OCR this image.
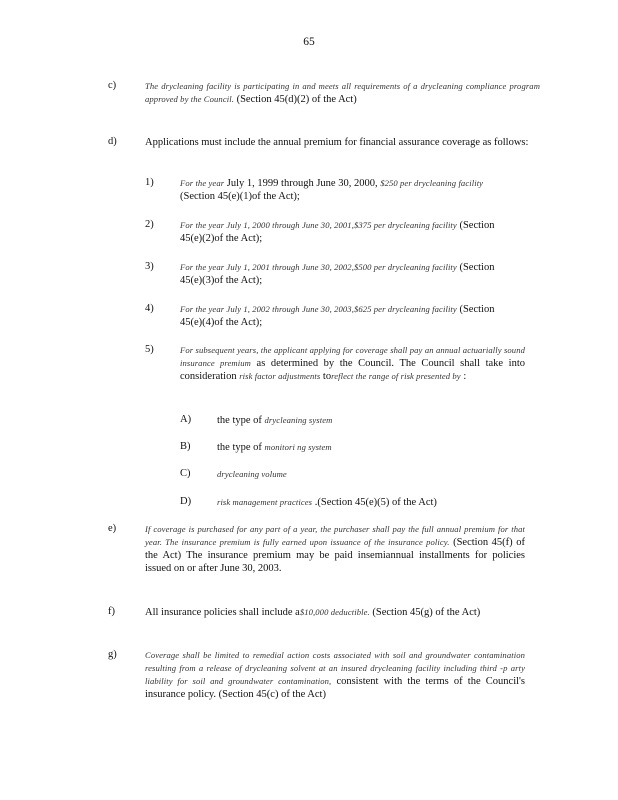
65
c)	The drycleaning facility is participating in and meets all requirements of a drycleaning compliance program approved by the Council. (Section 45(d)(2) of the Act)
d)	Applications must include the annual premium for financial assurance coverage as follows:
1)	For the year July 1, 1999 through June 30, 2000, $250 per drycleaning facility (Section 45(e)(1)of the Act);
2)	For the year July 1, 2000 through June 30, 2001,$375 per drycleaning facility (Section 45(e)(2)of the Act);
3)	For the year July 1, 2001 through June 30, 2002,$500 per drycleaning facility (Section 45(e)(3)of the Act);
4)	For the year July 1, 2002 through June 30, 2003,$625 per drycleaning facility (Section 45(e)(4)of the Act);
5)	For subsequent years, the applicant applying for coverage shall pay an annual actuarially sound insurance premium as determined by the Council. The Council shall take into consideration risk factor adjustments toreflect the range of risk presented by :
A) the type of drycleaning system
B)	the type of monitori ng system
C)	drycleaning volume
D)	risk management practices .(Section 45(e)(5) of the Act)
e)	If coverage is purchased for any part of a year, the purchaser shall pay the full annual premium for that year. The insurance premium is fully earned upon issuance of the insurance policy. (Section 45(f) of the Act) The insurance premium may be paid insemiannual installments for policies issued on or after June 30, 2003.
f)	All insurance policies shall include a$10,000 deductible. (Section 45(g) of the Act)
g)	Coverage shall be limited to remedial action costs associated with soil and groundwater contamination resulting from a release of drycleaning solvent at an insured drycleaning facility including third -p arty liability for soil and groundwater contamination, consistent with the terms of the Council's insurance policy. (Section 45(c) of the Act)
